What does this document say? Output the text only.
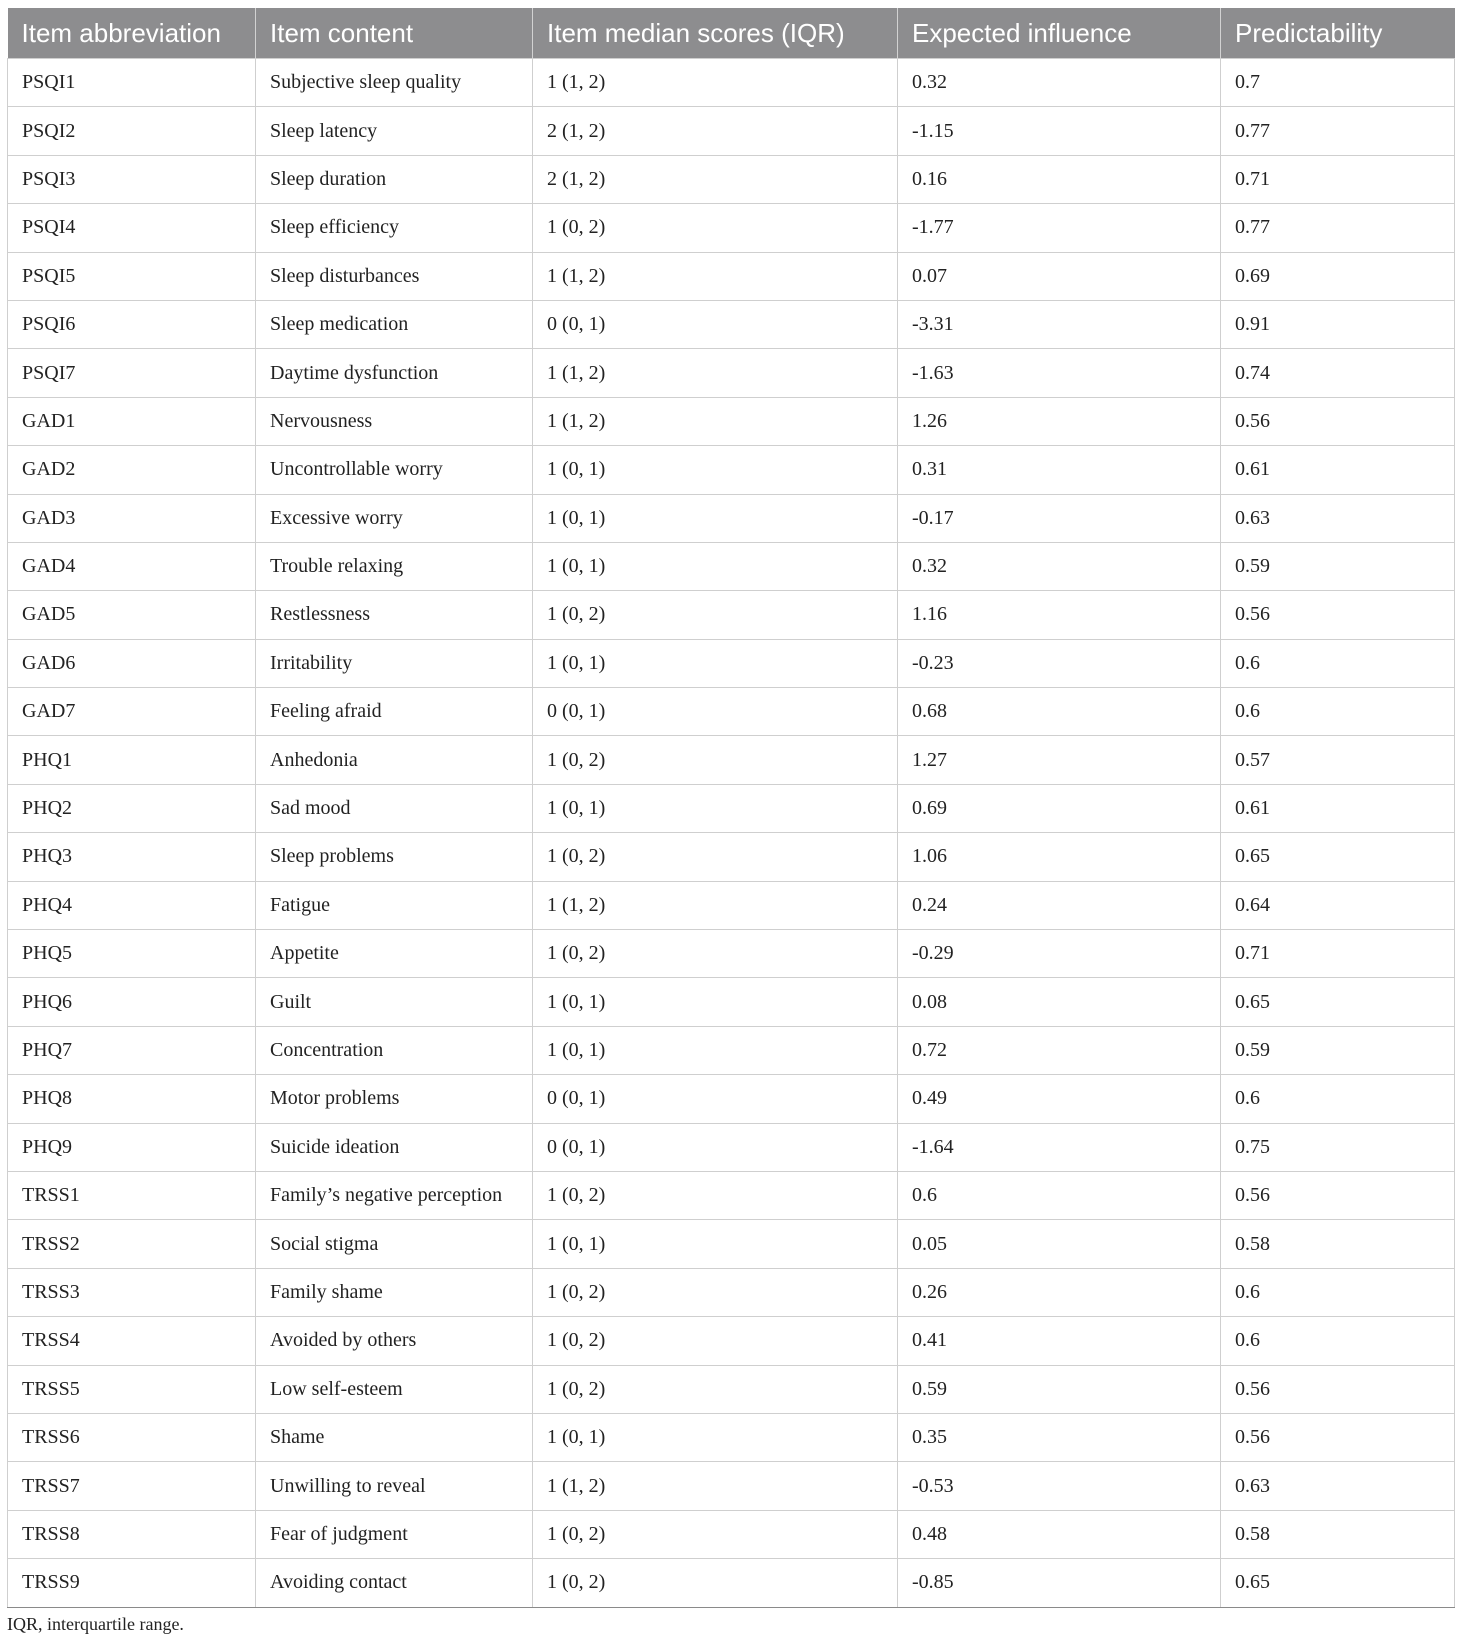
Item abbreviation	Item content	Item median scores (IQR)	Expected influence	Predictability
PSQI1	Subjective sleep quality	1 (1, 2)	0.32	0.7
PSQI2	Sleep latency	2 (1, 2)	-1.15	0.77
PSQI3	Sleep duration	2 (1, 2)	0.16	0.71
PSQI4	Sleep efficiency	1 (0, 2)	-1.77	0.77
PSQI5	Sleep disturbances	1 (1, 2)	0.07	0.69
PSQI6	Sleep medication	0 (0, 1)	-3.31	0.91
PSQI7	Daytime dysfunction	1 (1, 2)	-1.63	0.74
GAD1	Nervousness	1 (1, 2)	1.26	0.56
GAD2	Uncontrollable worry	1 (0, 1)	0.31	0.61
GAD3	Excessive worry	1 (0, 1)	-0.17	0.63
GAD4	Trouble relaxing	1 (0, 1)	0.32	0.59
GAD5	Restlessness	1 (0, 2)	1.16	0.56
GAD6	Irritability	1 (0, 1)	-0.23	0.6
GAD7	Feeling afraid	0 (0, 1)	0.68	0.6
PHQ1	Anhedonia	1 (0, 2)	1.27	0.57
PHQ2	Sad mood	1 (0, 1)	0.69	0.61
PHQ3	Sleep problems	1 (0, 2)	1.06	0.65
PHQ4	Fatigue	1 (1, 2)	0.24	0.64
PHQ5	Appetite	1 (0, 2)	-0.29	0.71
PHQ6	Guilt	1 (0, 1)	0.08	0.65
PHQ7	Concentration	1 (0, 1)	0.72	0.59
PHQ8	Motor problems	0 (0, 1)	0.49	0.6
PHQ9	Suicide ideation	0 (0, 1)	-1.64	0.75
TRSS1	Family’s negative perception	1 (0, 2)	0.6	0.56
TRSS2	Social stigma	1 (0, 1)	0.05	0.58
TRSS3	Family shame	1 (0, 2)	0.26	0.6
TRSS4	Avoided by others	1 (0, 2)	0.41	0.6
TRSS5	Low self-esteem	1 (0, 2)	0.59	0.56
TRSS6	Shame	1 (0, 1)	0.35	0.56
TRSS7	Unwilling to reveal	1 (1, 2)	-0.53	0.63
TRSS8	Fear of judgment	1 (0, 2)	0.48	0.58
TRSS9	Avoiding contact	1 (0, 2)	-0.85	0.65
IQR, interquartile range.
